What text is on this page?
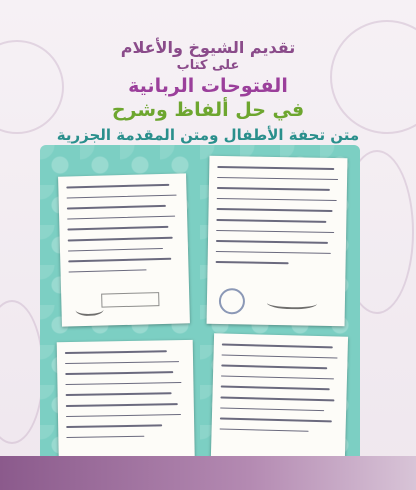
تقديم الشيوخ والأعلام
على كتاب
الفتوحات الربانية
في حل ألفاظ وشرح
متن تحفة الأطفال ومتن المقدمة الجزرية
